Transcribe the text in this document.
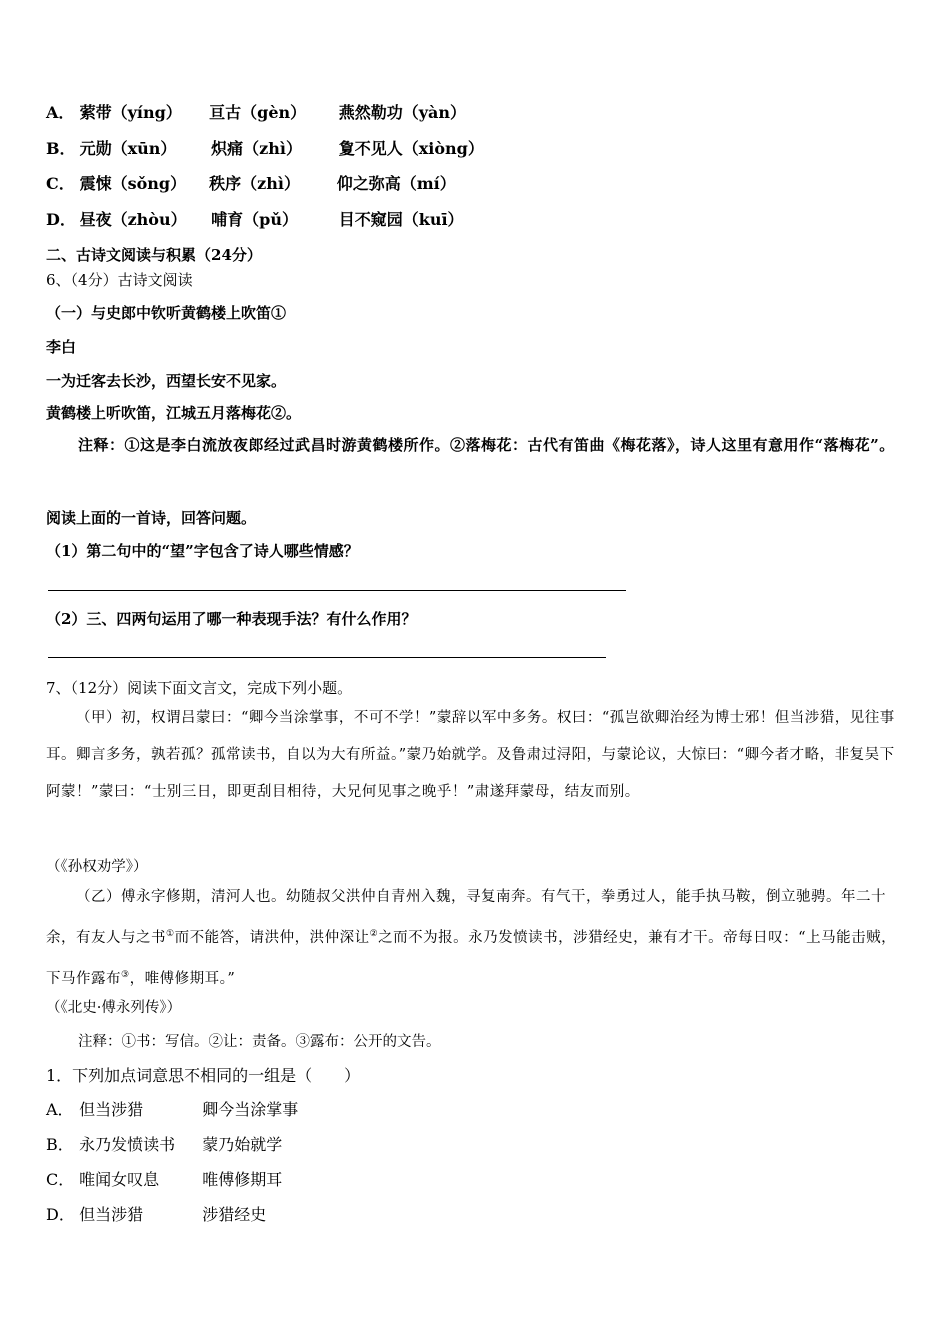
A． 萦带（yíng） 亘古（gèn） 燕然勒功（yàn）
B． 元勋（xūn） 炽痛（zhì） 夐不见人（xiòng）
C． 震悚（sǒng） 秩序（zhì） 仰之弥高（mí）
D． 昼夜（zhòu） 哺育（pǔ）	目不窥园（kuī）
二、古诗文阅读与积累（24分）
6、（4分）古诗文阅读
（一）与史郎中钦听黄鹤楼上吹笛①
李白
一为迁客去长沙，西望长安不见家。
黄鹤楼上听吹笛，江城五月落梅花②。
注释：①这是李白流放夜郎经过武昌时游黄鹤楼所作。②落梅花：古代有笛曲《梅花落》，诗人这里有意用作“落梅花”。
阅读上面的一首诗，回答问题。
（1）第二句中的“望”字包含了诗人哪些情感？
（2）三、四两句运用了哪一种表现手法？有什么作用？
7、（12分）阅读下面文言文，完成下列小题。
（甲）初，权谓吕蒙曰：“卿今当涂掌事，不可不学！”蒙辞以军中多务。权曰：“孤岂欲卿治经为博士邪！但当涉猎，见往事耳。卿言多务，孰若孤？孤常读书，自以为大有所益。”蒙乃始就学。及鲁肃过浔阳，与蒙论议，大惊曰：“卿今者才略，非复吴下阿蒙！”蒙曰：“士别三日，即更刮目相待，大兄何见事之晚乎！”肃遂拜蒙母，结友而别。
（《孙权劝学》）
（乙）傅永字修期，清河人也。幼随叔父洪仲自青州入魏，寻复南奔。有气干，拳勇过人，能手执马鞍，倒立驰骋。年二十余，有友人与之书①而不能答，请洪仲，洪仲深让②之而不为报。永乃发愤读书，涉猎经史，兼有才干。帝每日叹：“上马能击贼，下马作露布③，唯傅修期耳。”
（《北史·傅永列传》）
注释：①书：写信。②让：责备。③露布：公开的文告。
1．下列加点词意思不相同的一组是（　　）
A． 但当涉猎	卿今当涂掌事
B． 永乃发愤读书 蒙乃始就学
C． 唯闻女叹息	唯傅修期耳
D． 但当涉猎	涉猎经史
